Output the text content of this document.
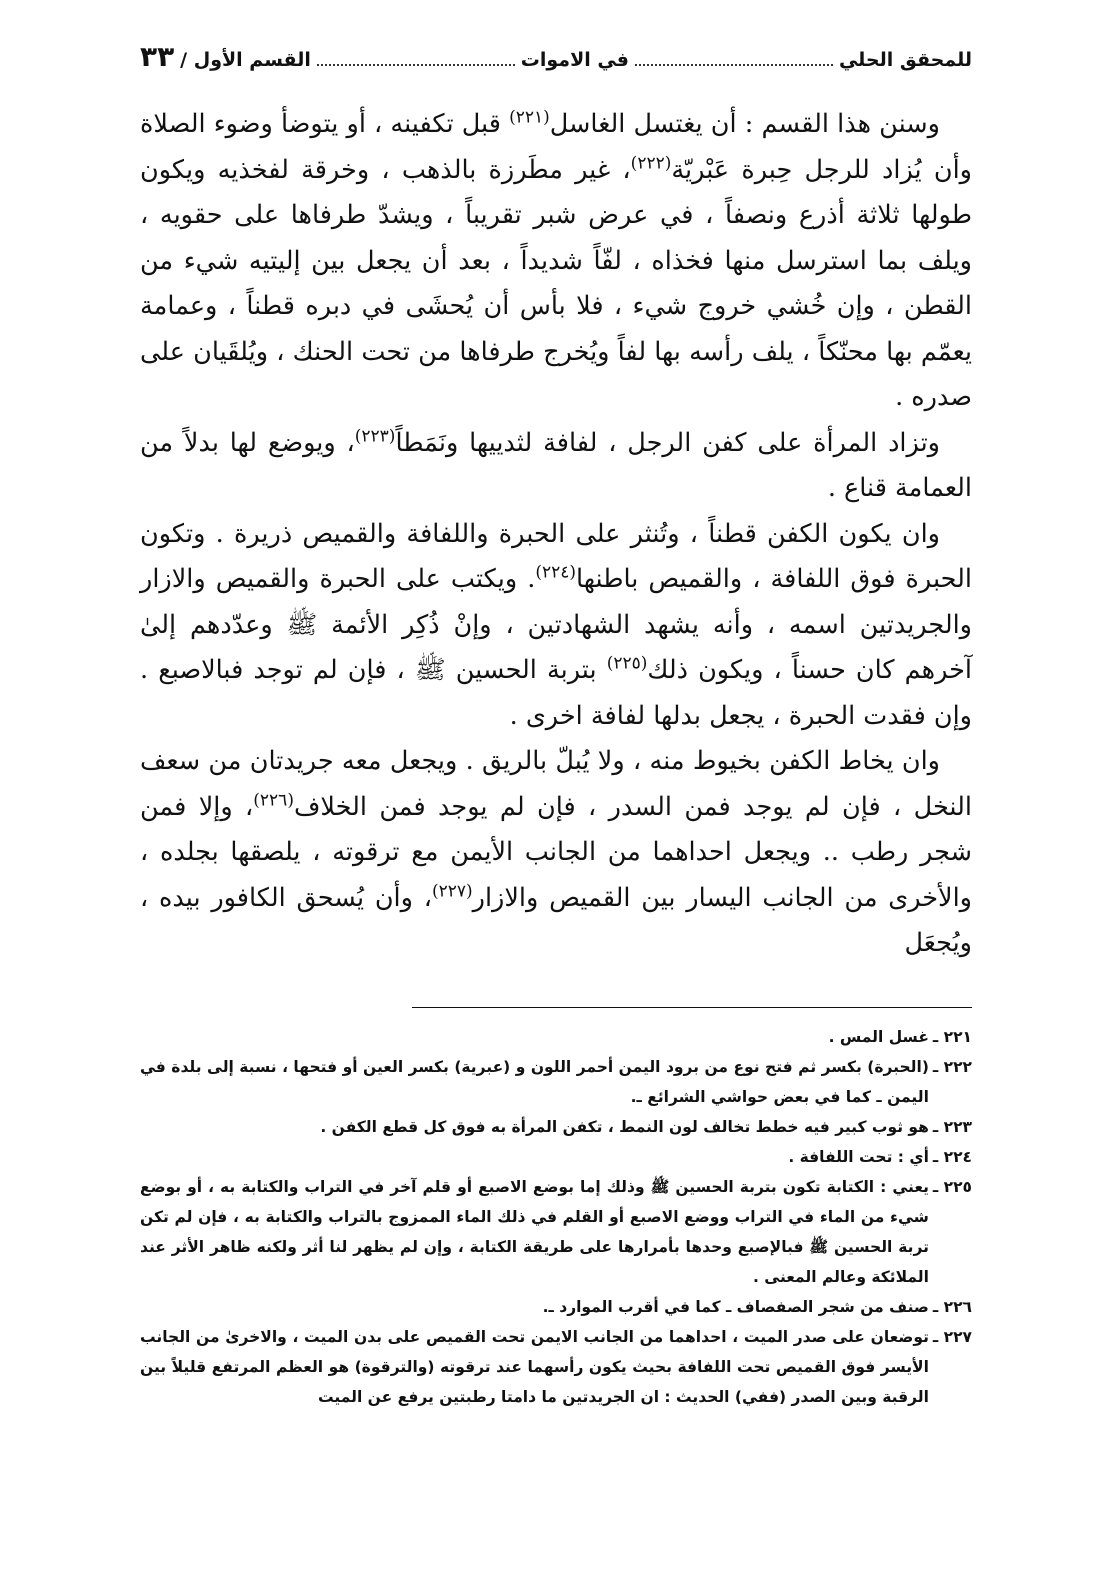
للمحقق الحلي
في الاموات
القسم الأول /
٣٣

وسنن هذا القسم : أن يغتسل الغاسل$^{(٢٢١)}$ قبل تكفينه ، أو يتوضأ وضوء الصلاة وأن يُزاد للرجل حِبرة عَبْريّة$^{(٢٢٢)}$، غير مطَرزة بالذهب ، وخرقة لفخذيه ويكون طولها ثلاثة أذرع ونصفاً ، في عرض شبر تقريباً ، ويشدّ طرفاها على حقويه ، ويلف بما استرسل منها فخذاه ، لفّاً شديداً ، بعد أن يجعل بين إليتيه شيء من القطن ، وإن خُشي خروج شيء ، فلا بأس أن يُحشَى في دبره قطناً ، وعمامة يعمّم بها محنّكاً ، يلف رأسه بها لفاً ويُخرج طرفاها من تحت الحنك ، ويُلقَيان على صدره .

وتزاد المرأة على كفن الرجل ، لفافة لثدييها ونَمَطاً$^{(٢٢٣)}$، ويوضع لها بدلاً من العمامة قناع .

وان يكون الكفن قطناً ، وتُنثر على الحبرة واللفافة والقميص ذريرة . وتكون الحبرة فوق اللفافة ، والقميص باطنها$^{(٢٢٤)}$. ويكتب على الحبرة والقميص والازار والجريدتين اسمه ، وأنه يشهد الشهادتين ، وإنْ ذُكِر الأئمة ﷺ وعدّدهم إلىٰ آخرهم كان حسناً ، ويكون ذلك$^{(٢٢٥)}$ بتربة الحسين ﷺ ، فإن لم توجد فبالاصبع . وإن فقدت الحبرة ، يجعل بدلها لفافة اخرى .

وان يخاط الكفن بخيوط منه ، ولا يُبلّ بالريق . ويجعل معه جريدتان من سعف النخل ، فإن لم يوجد فمن السدر ، فإن لم يوجد فمن الخلاف$^{(٢٢٦)}$، وإلا فمن شجر رطب .. ويجعل احداهما من الجانب الأيمن مع ترقوته ، يلصقها بجلده ، والأخرى من الجانب اليسار بين القميص والازار$^{(٢٢٧)}$، وأن يُسحق الكافور بيده ، ويُجعَل

٢٢١ ـ
غسل المس .
٢٢٢ ـ
(الحبرة) بكسر ثم فتح نوع من برود اليمن أحمر اللون و (عبرية) بكسر العين أو فتحها ، نسبة إلى بلدة في اليمن ـ كما في بعض حواشي الشرائع ـ.
٢٢٣ ـ
هو ثوب كبير فيه خطط تخالف لون النمط ، تكفن المرأة به فوق كل قطع الكفن .
٢٢٤ ـ
أي : تحت اللفافة .
٢٢٥ ـ
يعني : الكتابة تكون بتربة الحسين ﷺ وذلك إما بوضع الاصبع أو قلم آخر في التراب والكتابة به ، أو بوضع شيء من الماء في التراب ووضع الاصبع أو القلم في ذلك الماء الممزوج بالتراب والكتابة به ، فإن لم تكن تربة الحسين ﷺ فبالإصبع وحدها بأمرارها على طريقة الكتابة ، وإن لم يظهر لنا أثر ولكنه ظاهر الأثر عند الملائكة وعالم المعنى .
٢٢٦ ـ
صنف من شجر الصفصاف ـ كما في أقرب الموارد ـ.
٢٢٧ ـ
توضعان على صدر الميت ، احداهما من الجانب الايمن تحت القميص على بدن الميت ، والاخرىٰ من الجانب الأيسر فوق القميص تحت اللفافة بحيث يكون رأسهما عند ترقوته (والترقوة) هو العظم المرتفع قليلاً بين الرقبة وبين الصدر (ففي) الحديث : ان الجريدتين ما دامتا رطبتين يرفع عن الميت
